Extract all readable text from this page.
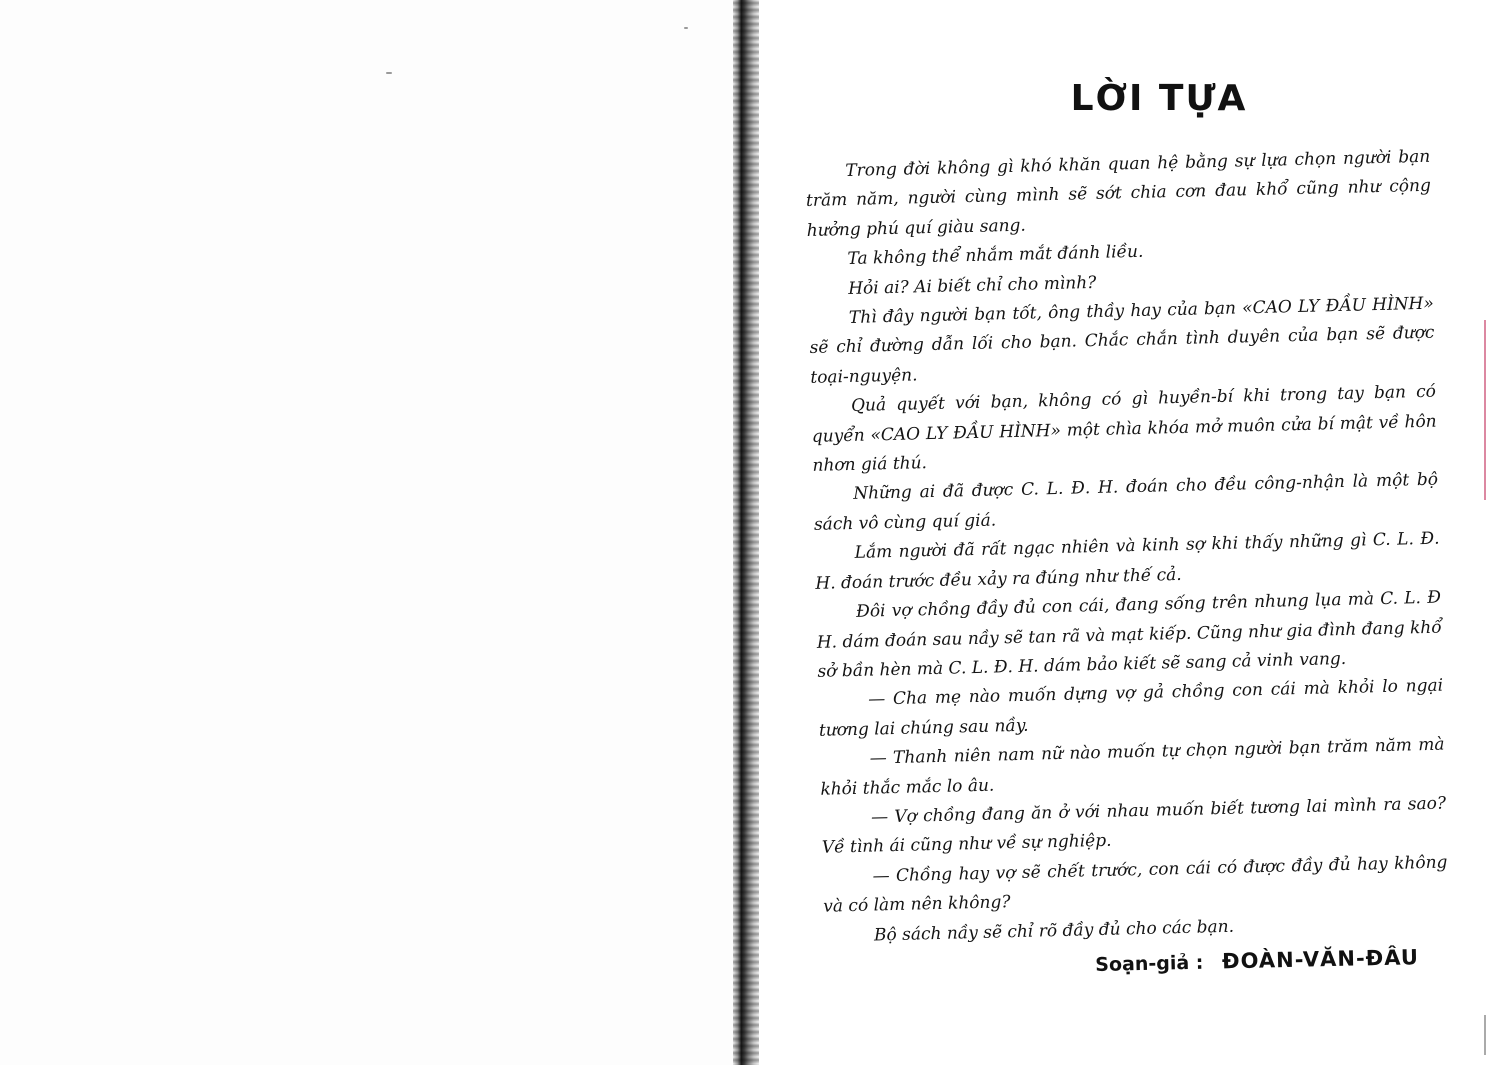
LỜI TỰA

Trong đời không gì khó khăn quan hệ bằng sự lựa chọn người bạn trăm năm, người cùng mình sẽ sớt chia cơn đau khổ cũng như cộng hưởng phú quí giàu sang.

Ta không thể nhắm mắt đánh liều.

Hỏi ai? Ai biết chỉ cho mình?

Thì đây người bạn tốt, ông thầy hay của bạn «CAO LY ĐẦU HÌNH» sẽ chỉ đường dẫn lối cho bạn. Chắc chắn tình duyên của bạn sẽ được toại-nguyện.

Quả quyết với bạn, không có gì huyền-bí khi trong tay bạn có quyển «CAO LY ĐẦU HÌNH» một chìa khóa mở muôn cửa bí mật về hôn nhơn giá thú.

Những ai đã được C. L. Đ. H. đoán cho đều công-nhận là một bộ sách vô cùng quí giá.

Lắm người đã rất ngạc nhiên và kinh sợ khi thấy những gì C. L. Đ. H. đoán trước đều xảy ra đúng như thế cả.

Đôi vợ chồng đầy đủ con cái, đang sống trên nhung lụa mà C. L. Đ H. dám đoán sau nầy sẽ tan rã và mạt kiếp. Cũng như gia đình đang khổ sở bần hèn mà C. L. Đ. H. dám bảo kiết sẽ sang cả vinh vang.

— Cha mẹ nào muốn dựng vợ gả chồng con cái mà khỏi lo ngại tương lai chúng sau nầy.

— Thanh niên nam nữ nào muốn tự chọn người bạn trăm năm mà khỏi thắc mắc lo âu.

— Vợ chồng đang ăn ở với nhau muốn biết tương lai mình ra sao? Về tình ái cũng như về sự nghiệp.

— Chồng hay vợ sẽ chết trước, con cái có được đầy đủ hay không và có làm nên không?

Bộ sách nầy sẽ chỉ rõ đầy đủ cho các bạn.

Soạn-giả : ĐOÀN-VĂN-ĐÂU
